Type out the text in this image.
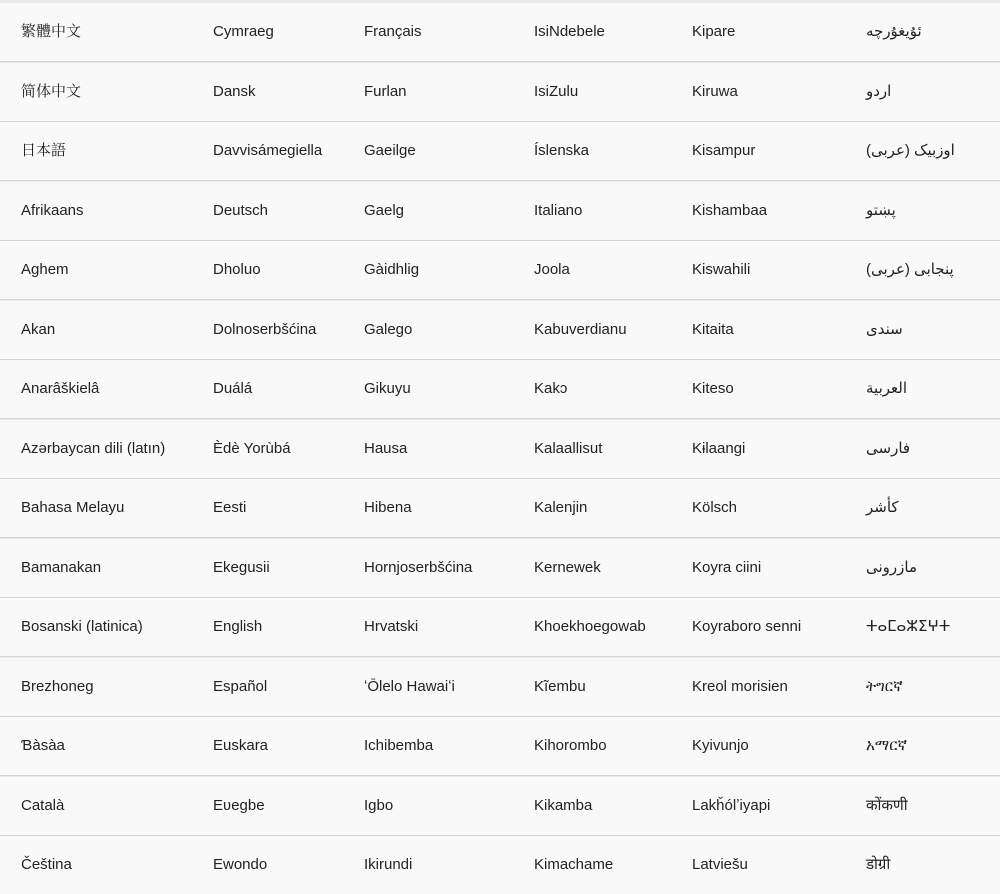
繁體中文	Cymraeg	Français	IsiNdebele	Kipare	ئۇيغۇرچە
简体中文	Dansk	Furlan	IsiZulu	Kiruwa	اردو
日本語	Davvisámegiella	Gaeilge	Íslenska	Kisampur	اوزبیک (عربی)
Afrikaans	Deutsch	Gaelg	Italiano	Kishambaa	پښتو
Aghem	Dholuo	Gàidhlig	Joola	Kiswahili	پنجابی (عربی)
Akan	Dolnoserbšćina	Galego	Kabuverdianu	Kitaita	سندی
Anarâškielâ	Duálá	Gikuyu	Kakɔ	Kiteso	العربية
Azərbaycan dili (latın)	Èdè Yorùbá	Hausa	Kalaallisut	Kɨlaangi	فارسی
Bahasa Melayu	Eesti	Hibena	Kalenjin	Kölsch	کأشر
Bamanakan	Ekegusii	Hornjoserbšćina	Kernewek	Koyra ciini	مازرونی
Bosanski (latinica)	English	Hrvatski	Khoekhoegowab	Koyraboro senni	ⵜⴰⵎⴰⵣⵉⵖⵜ
Brezhoneg	Español	ʻŌlelo Hawaiʻi	Kĩembu	Kreol morisien	ትግርኛ
Ɓàsàa	Euskara	Ichibemba	Kihorombo	Kyivunjo	አማርኛ
Català	Eʋegbe	Igbo	Kikamba	Lakȟólʼiyapi	कोंकणी
Čeština	Ewondo	Ikirundi	Kimachame	Latviešu	डोग्री
